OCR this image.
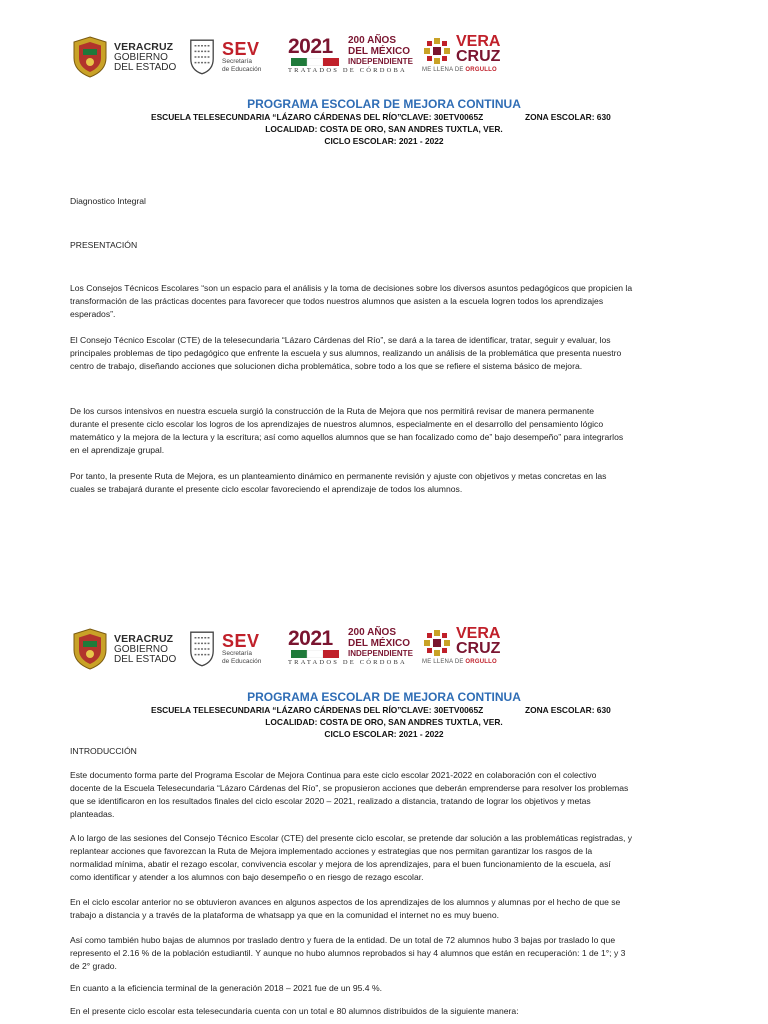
VERACRUZ
GOBIERNO
DEL ESTADO
SEV
Secretaría
de Educación
2021 200 AÑOS
DEL MÉXICO
INDEPENDIENTE
TRATADOS DE CÓRDOBA
VERA
CRUZ
ME LLENA DE ORGULLO
PROGRAMA ESCOLAR DE MEJORA CONTINUA
ESCUELA TELESECUNDARIA “LÁZARO CÁRDENAS DEL RÍO” CLAVE: 30ETV0065Z	ZONA ESCOLAR: 630
LOCALIDAD: COSTA DE ORO, SAN ANDRES TUXTLA, VER.
CICLO ESCOLAR: 2021 - 2022
Diagnostico Integral
PRESENTACIÓN
Los Consejos Técnicos Escolares “son un espacio para el análisis y la toma de decisiones sobre los diversos asuntos pedagógicos que propicien la
transformación de las prácticas docentes para favorecer que todos nuestros alumnos que asisten a la escuela logren todos los aprendizajes
esperados”.
El Consejo Técnico Escolar (CTE) de la telesecundaria “Lázaro Cárdenas del Río”, se dará a la tarea de identificar, tratar, seguir y evaluar, los
principales problemas de tipo pedagógico que enfrente la escuela y sus alumnos, realizando un análisis de la problemática que presenta nuestro
centro de trabajo, diseñando acciones que solucionen dicha problemática, sobre todo a los que se refiere el sistema básico de mejora.
De los cursos intensivos en nuestra escuela surgió la construcción de la Ruta de Mejora que nos permitirá revisar de manera permanente
durante el presente ciclo escolar los logros de los aprendizajes de nuestros alumnos, especialmente en el desarrollo del pensamiento lógico
matemático y la mejora de la lectura y la escritura; así como aquellos alumnos que se han focalizado como de” bajo desempeño” para integrarlos
en el aprendizaje grupal.
Por tanto, la presente Ruta de Mejora, es un planteamiento dinámico en permanente revisión y ajuste con objetivos y metas concretas en las
cuales se trabajará durante el presente ciclo escolar favoreciendo el aprendizaje de todos los alumnos.
VERACRUZ
GOBIERNO
DEL ESTADO
SEV
Secretaría
de Educación
2021 200 AÑOS
DEL MÉXICO
INDEPENDIENTE
TRATADOS DE CÓRDOBA
VERA
CRUZ
ME LLENA DE ORGULLO
PROGRAMA ESCOLAR DE MEJORA CONTINUA
ESCUELA TELESECUNDARIA “LÁZARO CÁRDENAS DEL RÍO” CLAVE: 30ETV0065Z	ZONA ESCOLAR: 630
LOCALIDAD: COSTA DE ORO, SAN ANDRES TUXTLA, VER.
CICLO ESCOLAR: 2021 - 2022
INTRODUCCIÓN
Este documento forma parte del Programa Escolar de Mejora Continua para este ciclo escolar 2021-2022 en colaboración con el colectivo
docente de la Escuela Telesecundaria “Lázaro Cárdenas del Río”, se propusieron acciones que deberán emprenderse para resolver los problemas
que se identificaron en los resultados finales del ciclo escolar 2020 – 2021, realizado a distancia, tratando de lograr los objetivos y metas
planteadas.
A lo largo de las sesiones del Consejo Técnico Escolar (CTE) del presente ciclo escolar, se pretende dar solución a las problemáticas registradas, y
replantear acciones que favorezcan la Ruta de Mejora implementado acciones y estrategias que nos permitan garantizar los rasgos de la
normalidad mínima, abatir el rezago escolar, convivencia escolar y mejora de los aprendizajes, para el buen funcionamiento de la escuela, así
como identificar y atender a los alumnos con bajo desempeño o en riesgo de rezago escolar.
En el ciclo escolar anterior no se obtuvieron avances en algunos aspectos de los aprendizajes de los alumnos y alumnas por el hecho de que se
trabajo a distancia y a través de la plataforma de whatsapp ya que en la comunidad el internet no es muy bueno.
Así como también hubo bajas de alumnos por traslado dentro y fuera de la entidad. De un total de 72 alumnos hubo 3 bajas por traslado lo que
represento el 2.16 % de la población estudiantil. Y aunque no hubo alumnos reprobados si hay 4 alumnos que están en recuperación: 1 de 1°; y 3
de 2° grado.
En cuanto a la eficiencia terminal de la generación 2018 – 2021 fue de un 95.4 %.
En el presente ciclo escolar esta telesecundaria cuenta con un total e 80 alumnos distribuidos de la siguiente manera:
